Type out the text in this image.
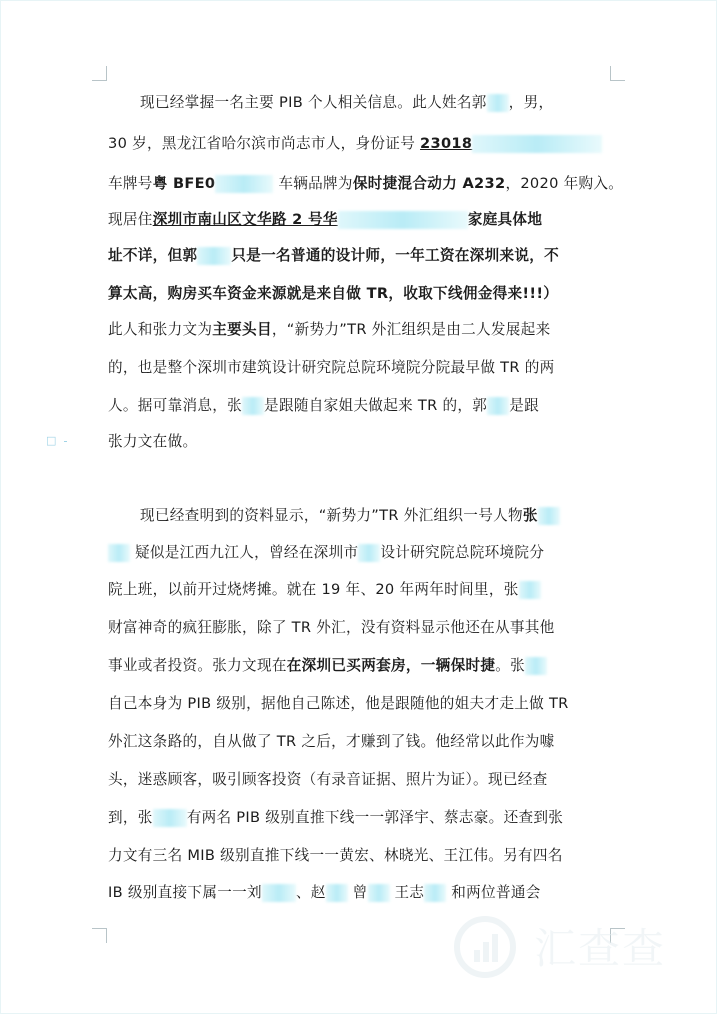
□
现已经掌握一名主要 PIB 个人相关信息。此人姓名郭 ，男，
30 岁，黑龙江省哈尔滨市尚志市人，身份证号 23018
车牌号粤 BFE0	车辆品牌为保时捷混合动力 A232，2020 年购入。
现居住深圳市南山区文华路 2 号华	家庭具体地
址不详，但郭 只是一名普通的设计师，一年工资在深圳来说，不
算太高，购房买车资金来源就是来自做 TR，收取下线佣金得来!!!）
此人和张力文为主要头目，“新势力”TR 外汇组织是由二人发展起来
的，也是整个深圳市建筑设计研究院总院环境院分院最早做 TR 的两
人。据可靠消息，张 是跟随自家姐夫做起来 TR 的，郭 是跟
张力文在做。
现已经查明到的资料显示，“新势力”TR 外汇组织一号人物张
疑似是江西九江人，曾经在深圳市 设计研究院总院环境院分
院上班，以前开过烧烤摊。就在 19 年、20 年两年时间里，张
财富神奇的疯狂膨胀，除了 TR 外汇，没有资料显示他还在从事其他
事业或者投资。张力文现在在深圳已买两套房，一辆保时捷。张
自己本身为 PIB 级别，据他自己陈述，他是跟随他的姐夫才走上做 TR
外汇这条路的，自从做了 TR 之后，才赚到了钱。他经常以此作为噱
头，迷惑顾客，吸引顾客投资（有录音证据、照片为证）。现已经查
到，张 有两名 PIB 级别直推下线一一郭泽宇、蔡志豪。还查到张
力文有三名 MIB 级别直推下线一一黄宏、林晓光、王江伟。另有四名
IB 级别直接下属一一刘 、赵 曾 王志 和两位普通会
汇查查
